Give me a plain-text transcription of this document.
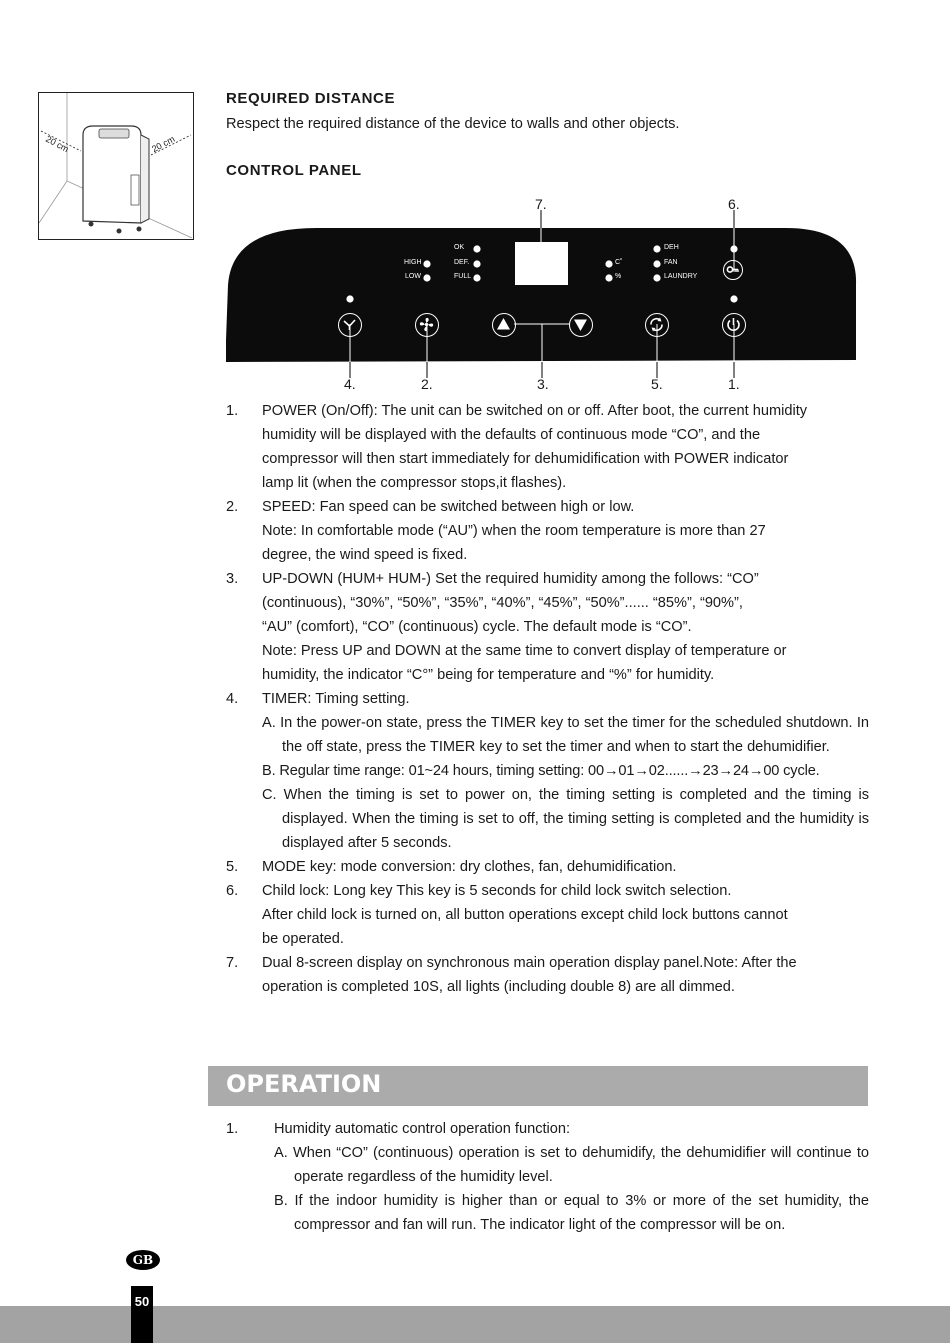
20 cm	20 cm
REQUIRED DISTANCE
Respect the required distance of the device to walls and other objects.
CONTROL PANEL
OK
HIGH	DEF.
LOW	FULL
C˚
%
DEH
FAN
LAUNDRY
7.	6.
4.	2.	3.	5.	1.
1. POWER (On/Off): The unit can be switched on or off. After boot, the current humidity
humidity will be displayed with the defaults of continuous mode “CO”, and the
compressor will then start immediately for dehumidification with POWER indicator
lamp lit (when the compressor stops,it flashes).
2. SPEED: Fan speed can be switched between high or low.
Note: In comfortable mode (“AU”) when the room temperature is more than 27
degree, the wind speed is fixed.
3. UP-DOWN (HUM+ HUM-) Set the required humidity among the follows: “CO”
(continuous), “30%”, “50%”, “35%”, “40%”, “45%”, “50%”...... “85%”, “90%”,
“AU” (comfort), “CO” (continuous) cycle. The default mode is “CO”.
Note: Press UP and DOWN at the same time to convert display of temperature or
humidity, the indicator “C°” being for temperature and “%” for humidity.
4. TIMER: Timing setting.
A. In the power-on state, press the TIMER key to set the timer for the scheduled shutdown. In the off state, press the TIMER key to set the timer and when to start the dehumidifier.
B. Regular time range: 01~24 hours, timing setting: 00→01→02......→23→24→00 cycle.
C. When the timing is set to power on, the timing setting is completed and the timing is displayed. When the timing is set to off, the timing setting is completed and the humidity is displayed after 5 seconds.
5. MODE key: mode conversion: dry clothes, fan, dehumidification.
6. Child lock: Long key This key is 5 seconds for child lock switch selection.
After child lock is turned on, all button operations except child lock buttons cannot
be operated.
7. Dual 8-screen display on synchronous main operation display panel.Note: After the
operation is completed 10S, all lights (including double 8) are all dimmed.
OPERATION
1. Humidity automatic control operation function:
A. When “CO” (continuous) operation is set to dehumidify, the dehumidifier will continue to operate regardless of the humidity level.
B. If the indoor humidity is higher than or equal to 3% or more of the set humidity, the compressor and fan will run. The indicator light of the compressor will be on.
GB
50
